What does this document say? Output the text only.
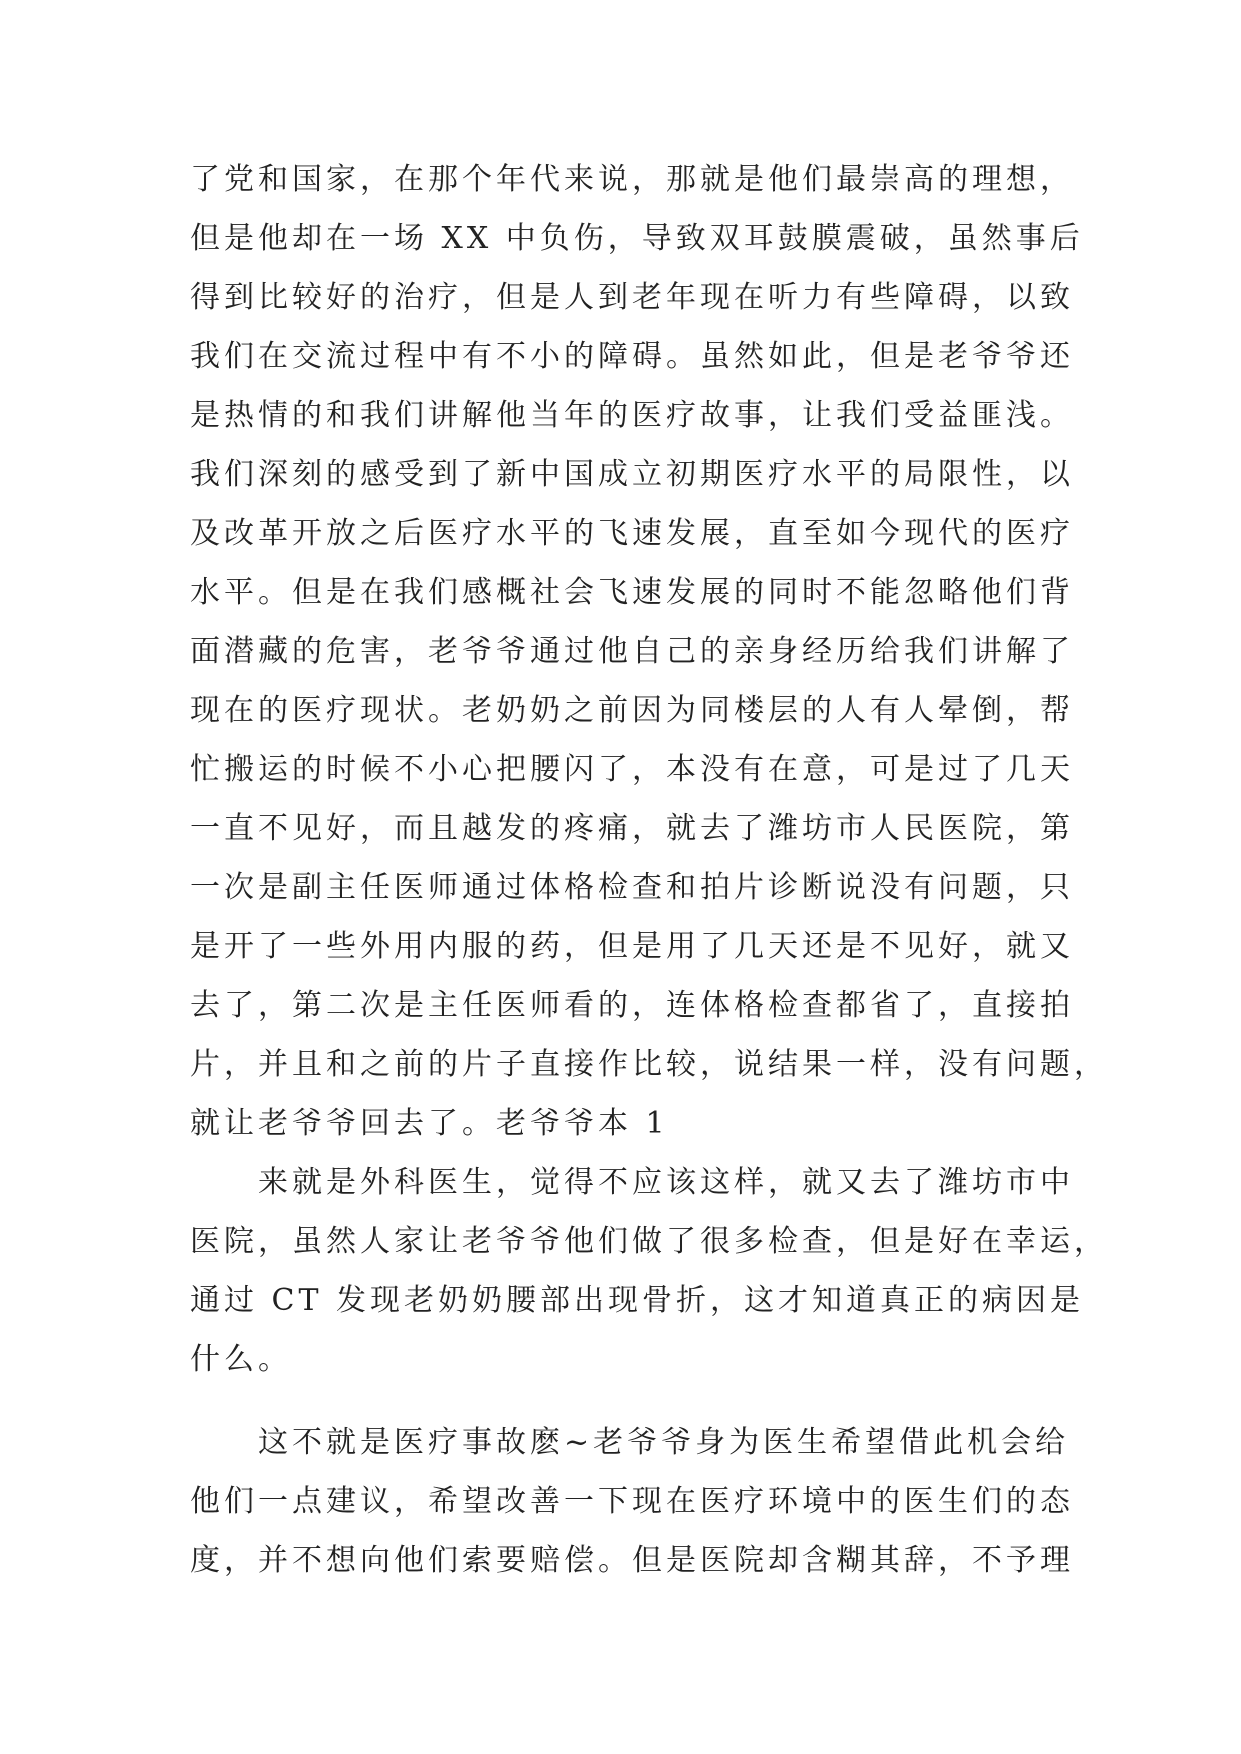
了党和国家，在那个年代来说，那就是他们最崇高的理想，
但是他却在一场 XX 中负伤，导致双耳鼓膜震破，虽然事后
得到比较好的治疗，但是人到老年现在听力有些障碍，以致
我们在交流过程中有不小的障碍。虽然如此，但是老爷爷还
是热情的和我们讲解他当年的医疗故事，让我们受益匪浅。
我们深刻的感受到了新中国成立初期医疗水平的局限性，以
及改革开放之后医疗水平的飞速发展，直至如今现代的医疗
水平。但是在我们感概社会飞速发展的同时不能忽略他们背
面潜藏的危害，老爷爷通过他自己的亲身经历给我们讲解了
现在的医疗现状。老奶奶之前因为同楼层的人有人晕倒，帮
忙搬运的时候不小心把腰闪了，本没有在意，可是过了几天
一直不见好，而且越发的疼痛，就去了潍坊市人民医院，第
一次是副主任医师通过体格检查和拍片诊断说没有问题，只
是开了一些外用内服的药，但是用了几天还是不见好，就又
去了，第二次是主任医师看的，连体格检查都省了，直接拍
片，并且和之前的片子直接作比较，说结果一样，没有问题，
就让老爷爷回去了。老爷爷本 1
来就是外科医生，觉得不应该这样，就又去了潍坊市中
医院，虽然人家让老爷爷他们做了很多检查，但是好在幸运，
通过 CT 发现老奶奶腰部出现骨折，这才知道真正的病因是
什么。
这不就是医疗事故麽~老爷爷身为医生希望借此机会给
他们一点建议，希望改善一下现在医疗环境中的医生们的态
度，并不想向他们索要赔偿。但是医院却含糊其辞，不予理
